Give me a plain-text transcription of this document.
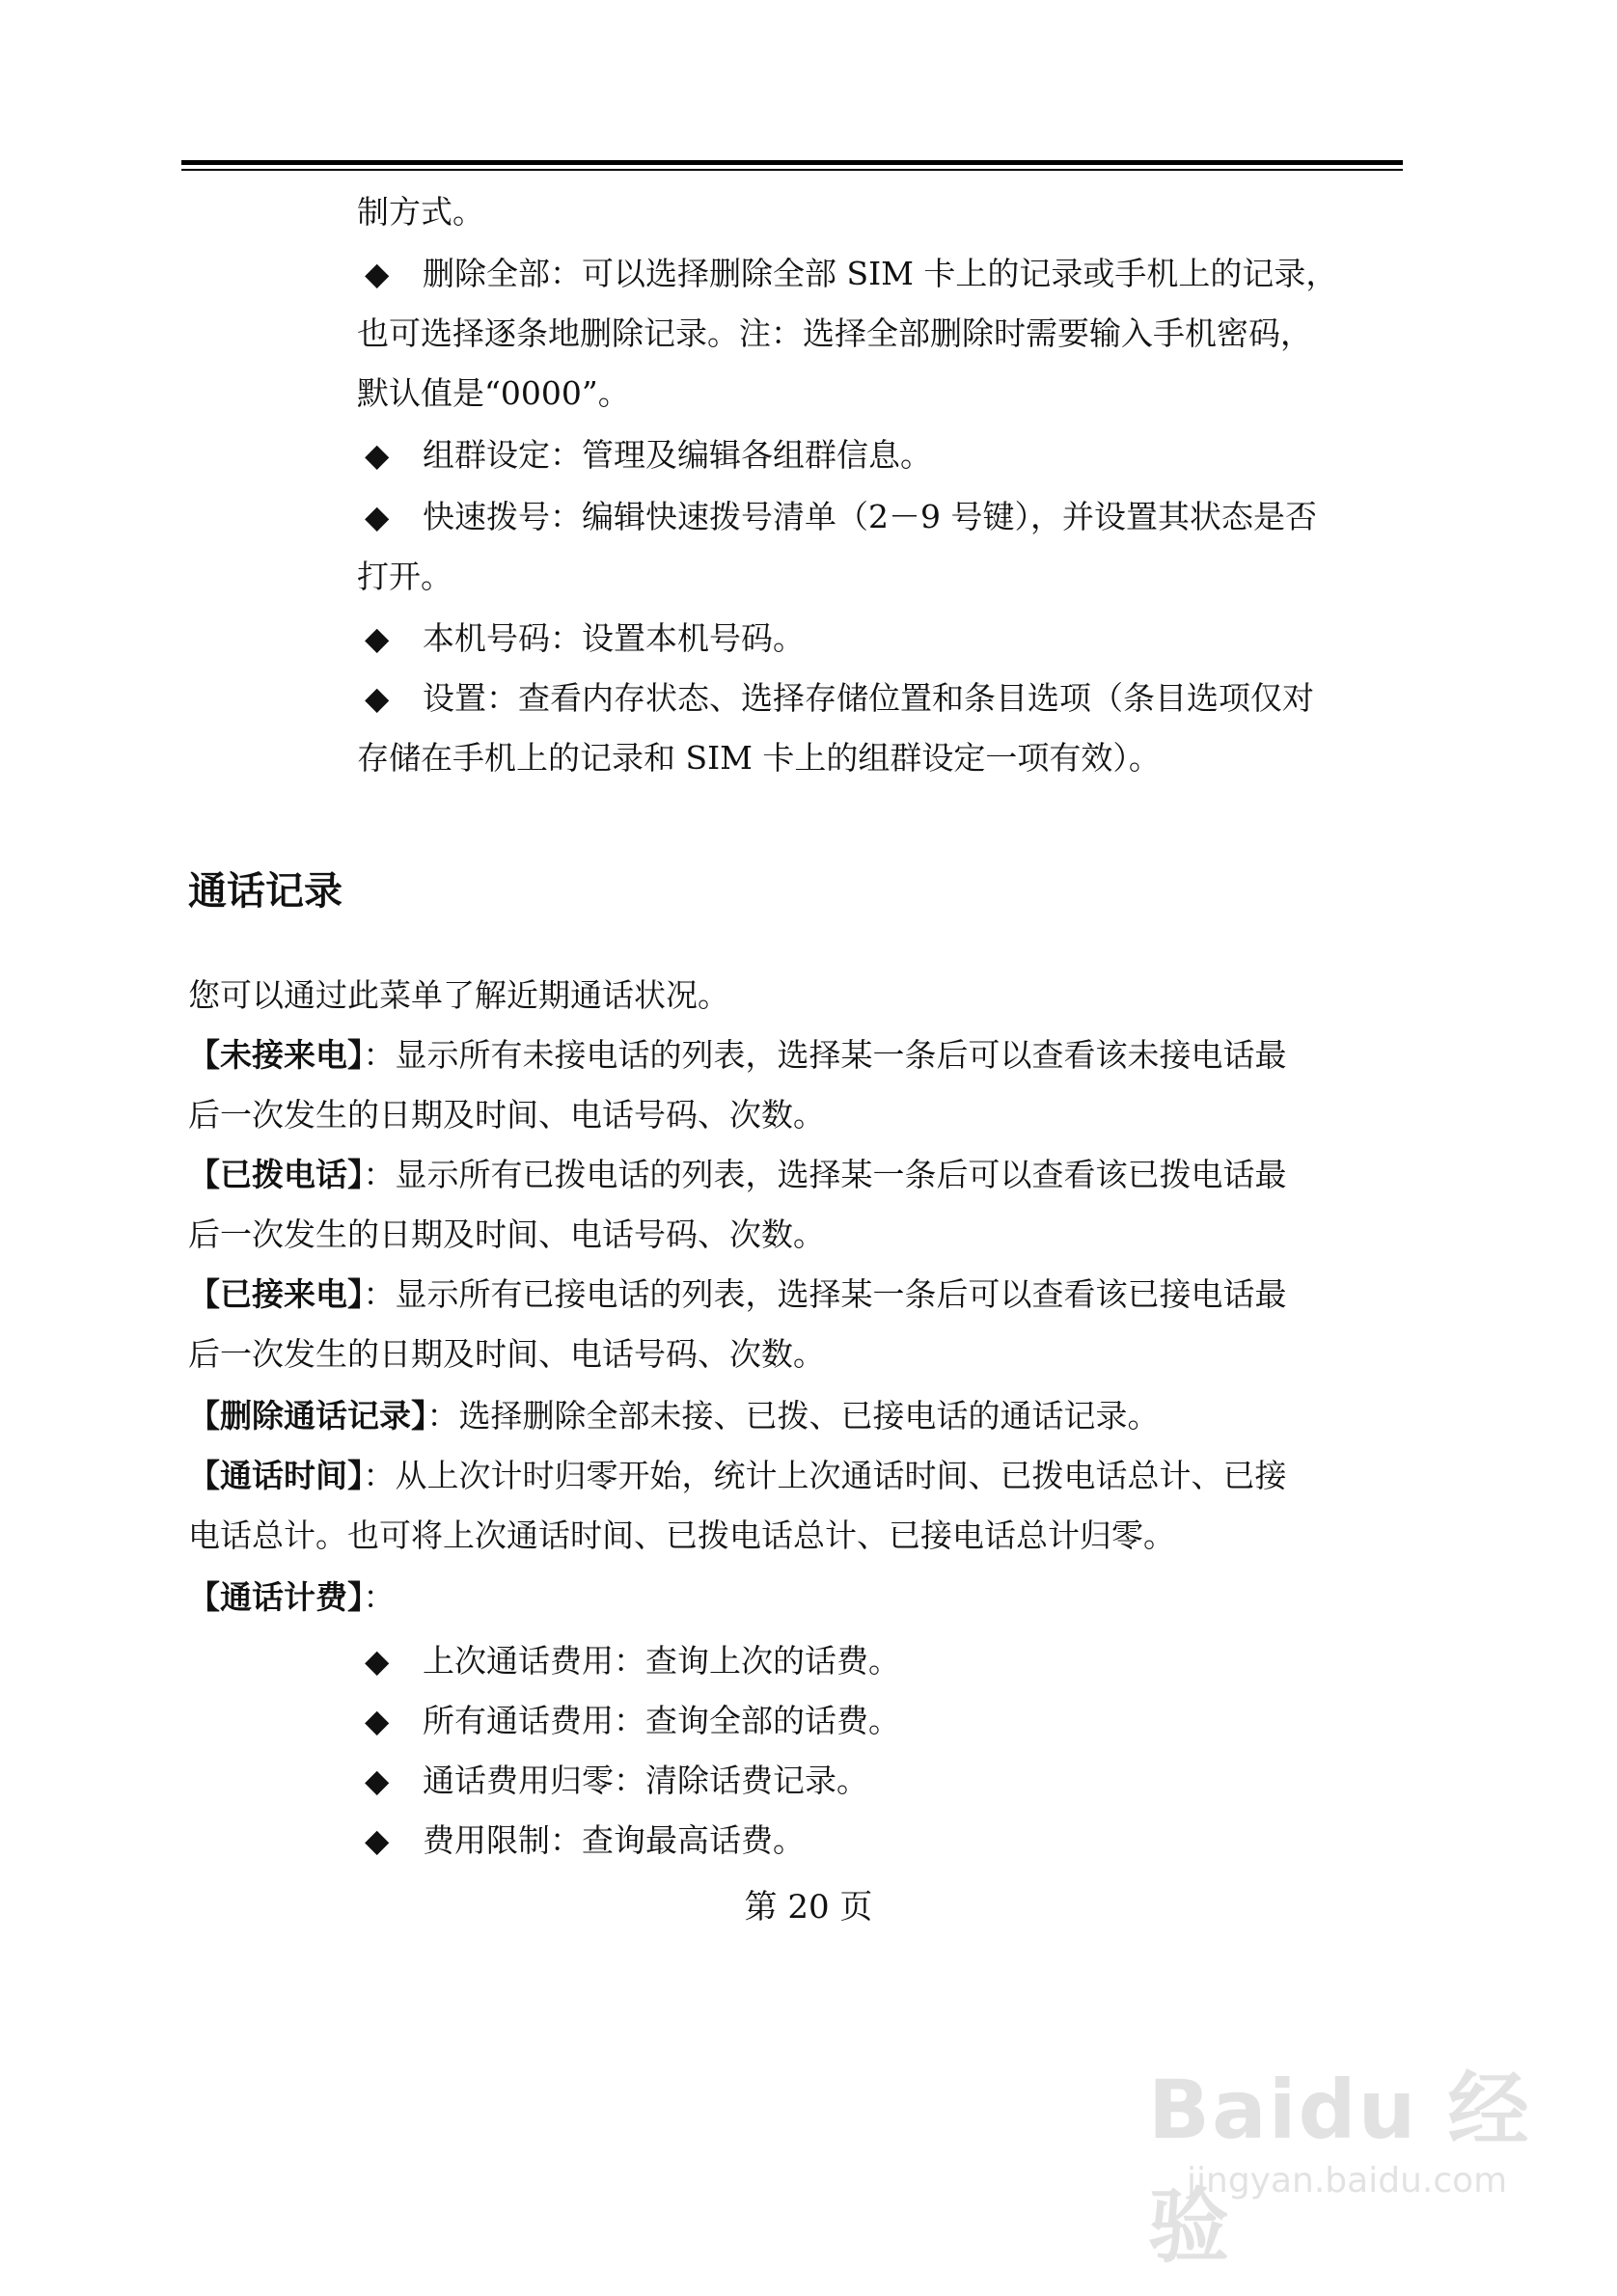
制方式。
◆ 删除全部：可以选择删除全部 SIM 卡上的记录或手机上的记录，
也可选择逐条地删除记录。注：选择全部删除时需要输入手机密码，
默认值是“0000”。
◆ 组群设定：管理及编辑各组群信息。
◆ 快速拨号：编辑快速拨号清单（2－9 号键），并设置其状态是否
打开。
◆ 本机号码：设置本机号码。
◆ 设置：查看内存状态、选择存储位置和条目选项（条目选项仅对
存储在手机上的记录和 SIM 卡上的组群设定一项有效）。
通话记录
您可以通过此菜单了解近期通话状况。
【未接来电】：显示所有未接电话的列表，选择某一条后可以查看该未接电话最
后一次发生的日期及时间、电话号码、次数。
【已拨电话】：显示所有已拨电话的列表，选择某一条后可以查看该已拨电话最
后一次发生的日期及时间、电话号码、次数。
【已接来电】：显示所有已接电话的列表，选择某一条后可以查看该已接电话最
后一次发生的日期及时间、电话号码、次数。
【删除通话记录】：选择删除全部未接、已拨、已接电话的通话记录。
【通话时间】：从上次计时归零开始，统计上次通话时间、已拨电话总计、已接
电话总计。也可将上次通话时间、已拨电话总计、已接电话总计归零。
【通话计费】：
◆ 上次通话费用：查询上次的话费。
◆ 所有通话费用：查询全部的话费。
◆ 通话费用归零：清除话费记录。
◆ 费用限制：查询最高话费。
第 20 页
Baidu 经验
jingyan.baidu.com
